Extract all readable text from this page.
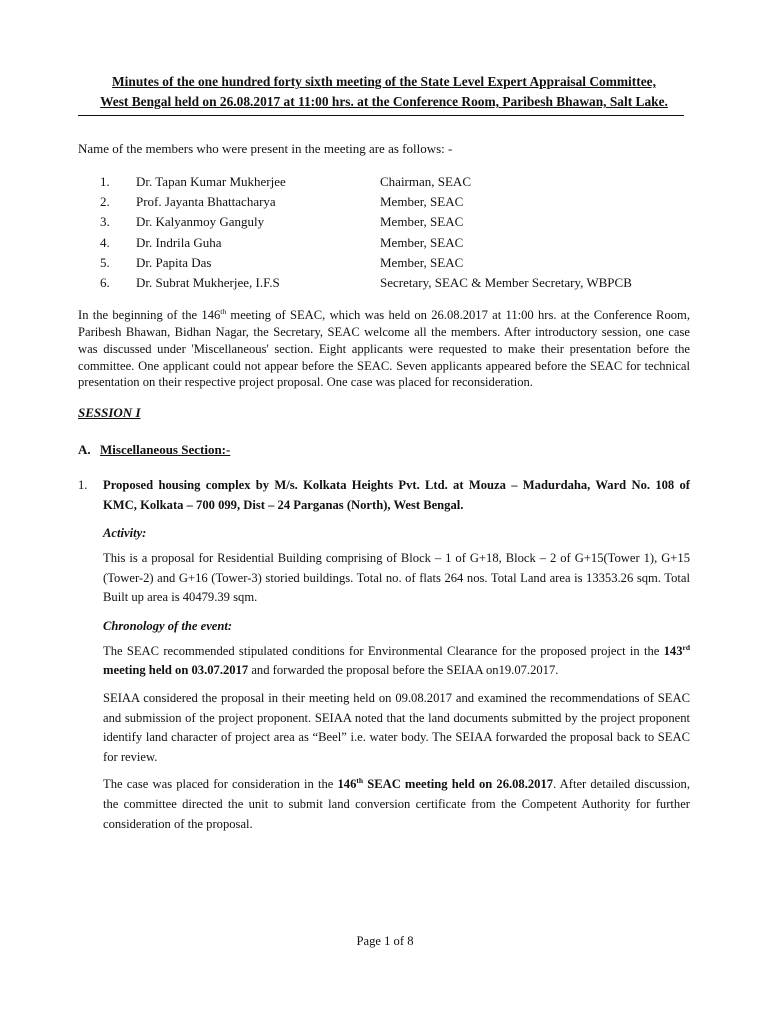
Minutes of the one hundred forty sixth meeting of the State Level Expert Appraisal Committee,
West Bengal held on 26.08.2017 at 11:00 hrs. at the Conference Room, Paribesh Bhawan, Salt Lake.

Name of the members who were present in the meeting are as follows: -
1.	Dr. Tapan Kumar Mukherjee	Chairman, SEAC
2.	Prof. Jayanta Bhattacharya	Member, SEAC
3.	Dr. Kalyanmoy Ganguly	Member, SEAC
4.	Dr. Indrila Guha	Member, SEAC
5.	Dr. Papita Das	Member, SEAC
6.	Dr. Subrat Mukherjee, I.F.S	Secretary, SEAC & Member Secretary, WBPCB
In the beginning of the 146th meeting of SEAC, which was held on 26.08.2017 at 11:00 hrs. at the Conference Room, Paribesh Bhawan, Bidhan Nagar, the Secretary, SEAC welcome all the members. After introductory session, one case was discussed under 'Miscellaneous' section. Eight applicants were requested to make their presentation before the committee. One applicant could not appear before the SEAC. Seven applicants appeared before the SEAC for technical presentation on their respective project proposal. One case was placed for reconsideration.
SESSION I
A. Miscellaneous Section:-
1.	Proposed housing complex by M/s. Kolkata Heights Pvt. Ltd. at Mouza – Madurdaha, Ward No. 108 of KMC, Kolkata – 700 099, Dist – 24 Parganas (North), West Bengal.
Activity:
This is a proposal for Residential Building comprising of Block – 1 of G+18, Block – 2 of G+15(Tower 1), G+15 (Tower-2) and G+16 (Tower-3) storied buildings. Total no. of flats 264 nos. Total Land area is 13353.26 sqm. Total Built up area is 40479.39 sqm.
Chronology of the event:
The SEAC recommended stipulated conditions for Environmental Clearance for the proposed project in the 143rd meeting held on 03.07.2017 and forwarded the proposal before the SEIAA on19.07.2017.
SEIAA considered the proposal in their meeting held on 09.08.2017 and examined the recommendations of SEAC and submission of the project proponent. SEIAA noted that the land documents submitted by the project proponent identify land character of project area as “Beel” i.e. water body. The SEIAA forwarded the proposal back to SEAC for review.
The case was placed for consideration in the 146th SEAC meeting held on 26.08.2017. After detailed discussion, the committee directed the unit to submit land conversion certificate from the Competent Authority for further consideration of the proposal.
Page 1 of 8
